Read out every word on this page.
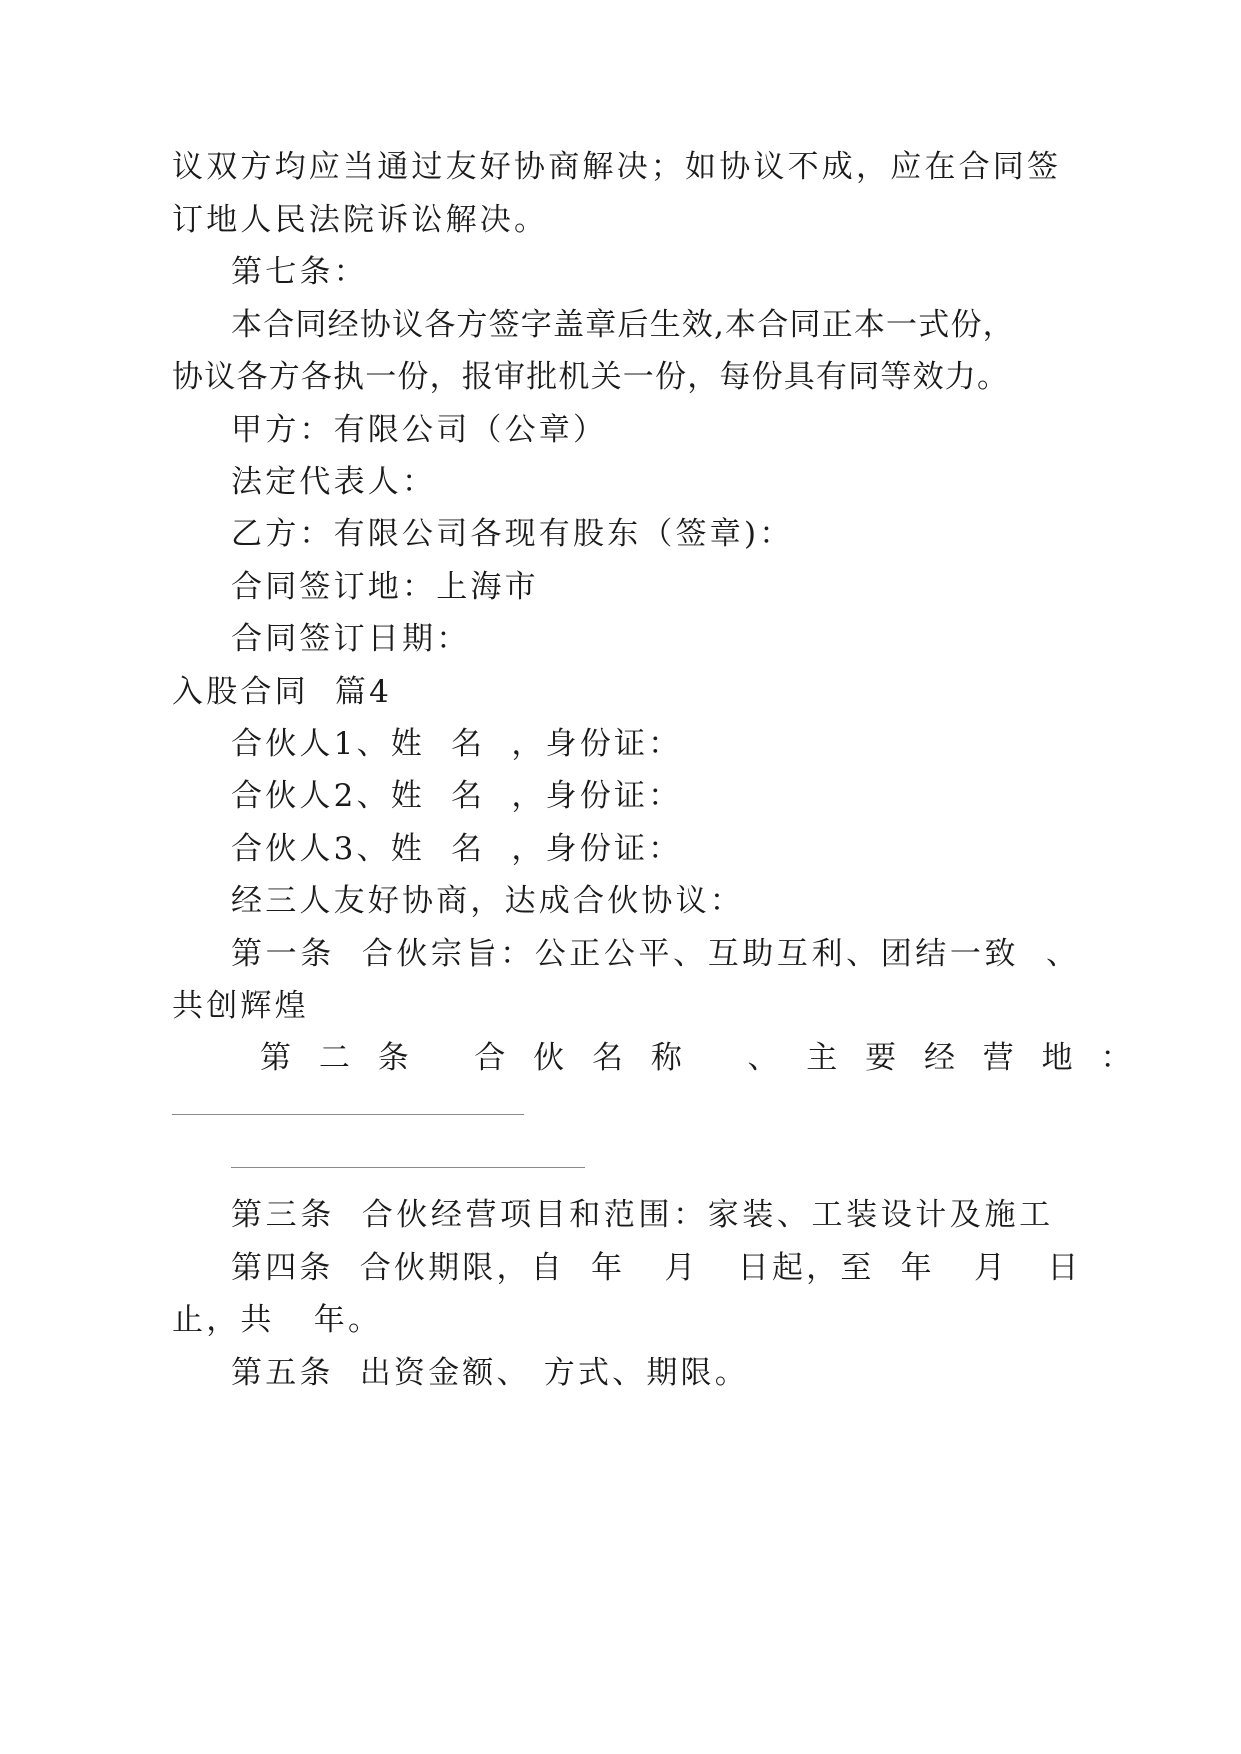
议双方均应当通过友好协商解决；如协议不成，应在合同签

订地人民法院诉讼解决。

第七条：

本合同经协议各方签字盖章后生效,本合同正本一式份，

协议各方各执一份，报审批机关一份，每份具有同等效力。

甲方：有限公司（公章）

法定代表人：

乙方：有限公司各现有股东（签章)：

合同签订地：上海市

合同签订日期：

入股合同  篇4

合伙人1、姓  名  ，身份证：

合伙人2、姓  名  ，身份证：

合伙人3、姓  名  ，身份证：

经三人友好协商，达成合伙协议：

第一条  合伙宗旨：公正公平、互助互利、团结一致  、

共创辉煌

第 二 条   合 伙 名 称   、 主 要 经 营 地 ：

第三条  合伙经营项目和范围：家装、工装设计及施工

第四条  合伙期限，自  年   月   日起，至  年   月   日

止，共   年。

第五条  出资金额、 方式、期限。
